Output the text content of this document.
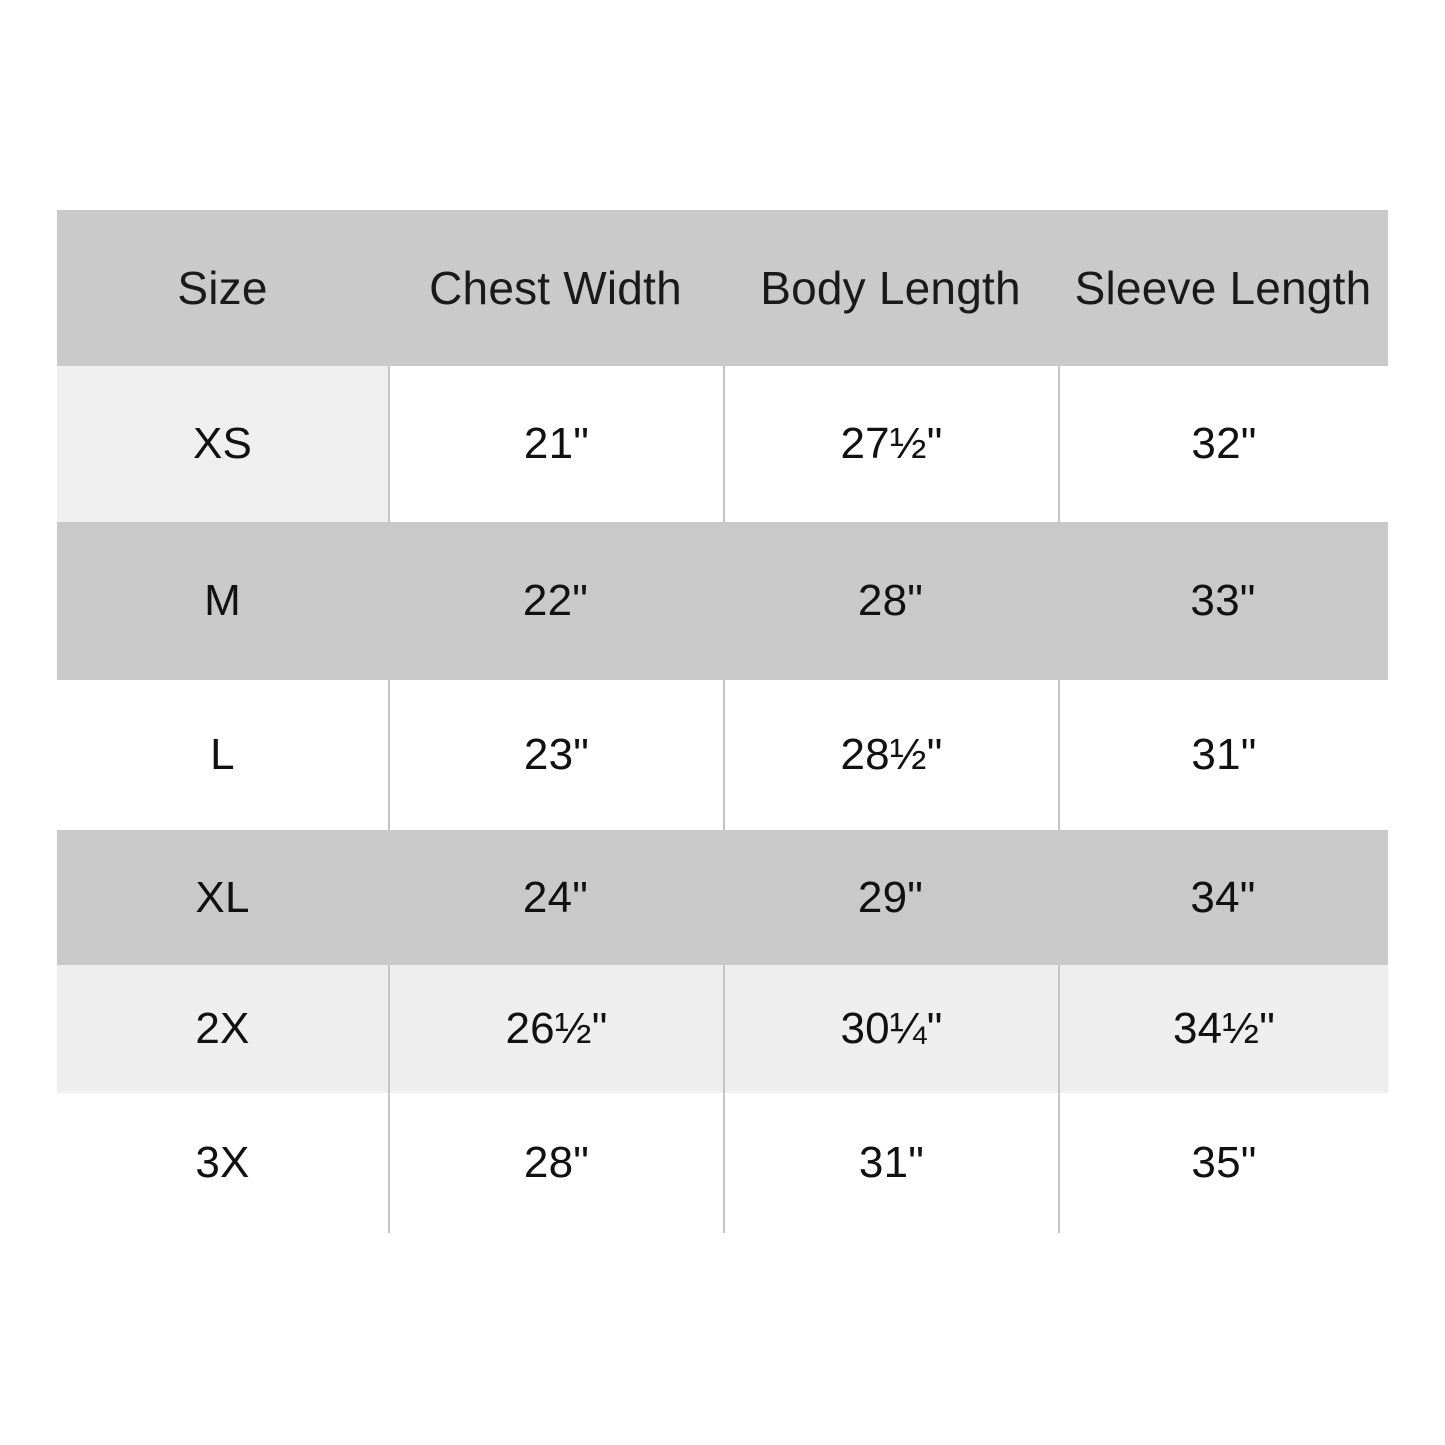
Size	Chest Width	Body Length	Sleeve Length
XS	21"	27½"	32"
M	22"	28"	33"
L	23"	28½"	31"
XL	24"	29"	34"
2X	26½"	30¼"	34½"
3X	28"	31"	35"
